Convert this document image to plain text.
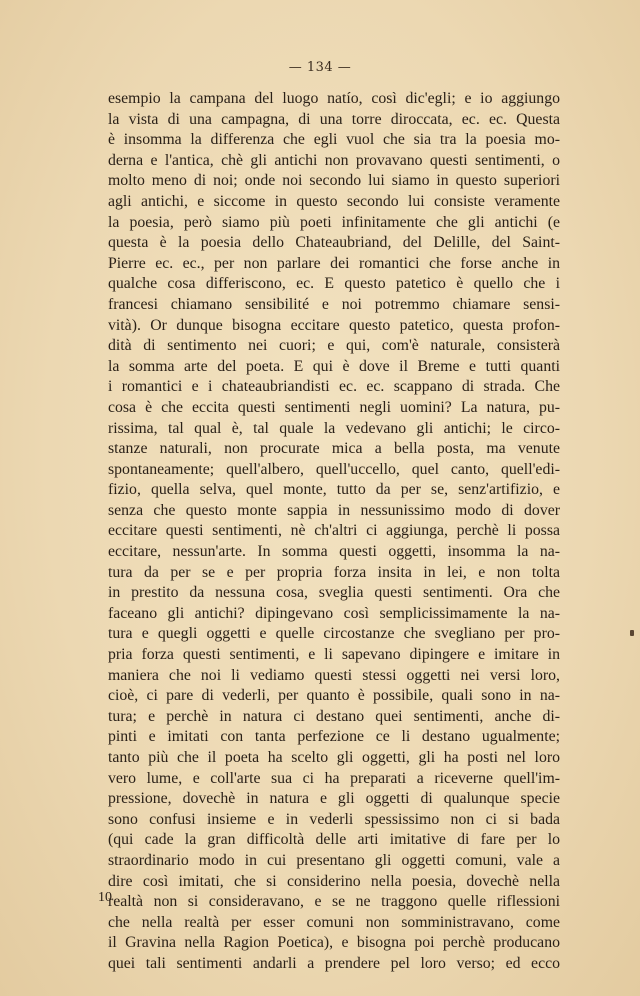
— 134 —
esempio la campana del luogo natío, così dic'egli; e io aggiungo
la vista di una campagna, di una torre diroccata, ec. ec. Questa
è insomma la differenza che egli vuol che sia tra la poesia mo-
derna e l'antica, chè gli antichi non provavano questi sentimenti, o
molto meno di noi; onde noi secondo lui siamo in questo superiori
agli antichi, e siccome in questo secondo lui consiste veramente
la poesia, però siamo più poeti infinitamente che gli antichi (e
questa è la poesia dello Chateaubriand, del Delille, del Saint-
Pierre ec. ec., per non parlare dei romantici che forse anche in
qualche cosa differiscono, ec. E questo patetico è quello che i
francesi chiamano sensibilité e noi potremmo chiamare sensi-
vità). Or dunque bisogna eccitare questo patetico, questa profon-
dità di sentimento nei cuori; e qui, com'è naturale, consisterà
la somma arte del poeta. E qui è dove il Breme e tutti quanti
i romantici e i chateaubriandisti ec. ec. scappano di strada. Che
cosa è che eccita questi sentimenti negli uomini? La natura, pu-
rissima, tal qual è, tal quale la vedevano gli antichi; le circo-
stanze naturali, non procurate mica a bella posta, ma venute
spontaneamente; quell'albero, quell'uccello, quel canto, quell'edi-
fizio, quella selva, quel monte, tutto da per se, senz'artifizio, e
senza che questo monte sappia in nessunissimo modo di dover
eccitare questi sentimenti, nè ch'altri ci aggiunga, perchè li possa
eccitare, nessun'arte. In somma questi oggetti, insomma la na-
tura da per se e per propria forza insita in lei, e non tolta
in prestito da nessuna cosa, sveglia questi sentimenti. Ora che
faceano gli antichi? dipingevano così semplicissimamente la na-
tura e quegli oggetti e quelle circostanze che svegliano per pro-
pria forza questi sentimenti, e li sapevano dipingere e imitare in
maniera che noi li vediamo questi stessi oggetti nei versi loro,
cioè, ci pare di vederli, per quanto è possibile, quali sono in na-
tura; e perchè in natura ci destano quei sentimenti, anche di-
pinti e imitati con tanta perfezione ce li destano ugualmente;
tanto più che il poeta ha scelto gli oggetti, gli ha posti nel loro
vero lume, e coll'arte sua ci ha preparati a riceverne quell'im-
pressione, dovechè in natura e gli oggetti di qualunque specie
sono confusi insieme e in vederli spessissimo non ci si bada
(qui cade la gran difficoltà delle arti imitative di fare per lo
straordinario modo in cui presentano gli oggetti comuni, vale a
dire così imitati, che si considerino nella poesia, dovechè nella
realtà non si consideravano, e se ne traggono quelle riflessioni
che nella realtà per esser comuni non somministravano, come
il Gravina nella Ragion Poetica), e bisogna poi perchè producano
quei tali sentimenti andarli a prendere pel loro verso; ed ecco
10
